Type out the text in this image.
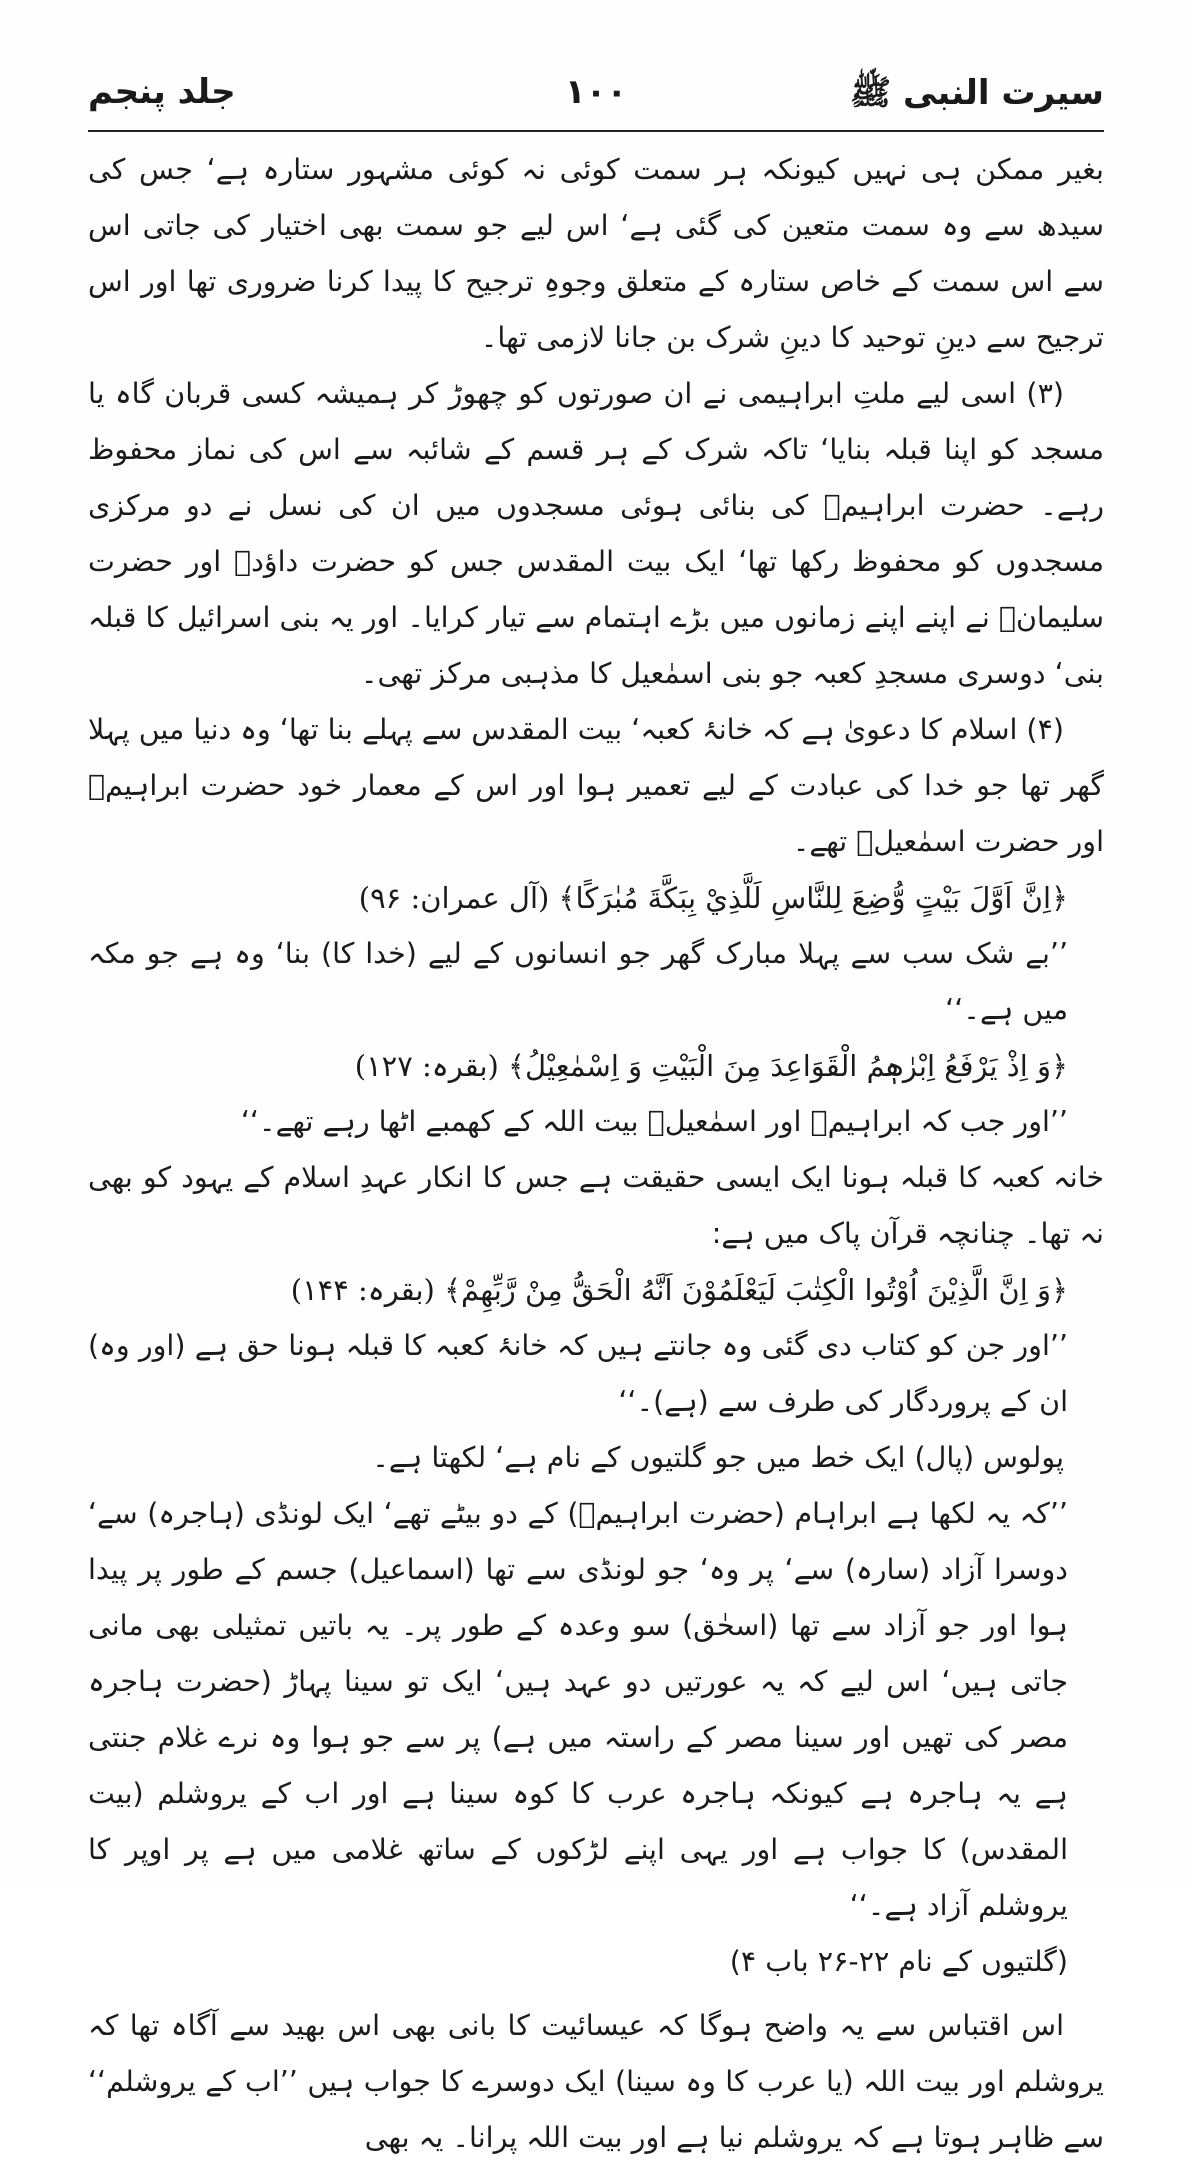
سیرت النبی ﷺ
۱۰۰
جلد پنجم

بغیر ممکن ہی نہیں کیونکہ ہر سمت کوئی نہ کوئی مشہور ستارہ ہے‘ جس کی سیدھ سے وہ سمت متعین کی گئی ہے‘ اس لیے جو سمت بھی اختیار کی جاتی اس سے اس سمت کے خاص ستارہ کے متعلق وجوہِ ترجیح کا پیدا کرنا ضروری تھا اور اس ترجیح سے دینِ توحید کا دینِ شرک بن جانا لازمی تھا۔

(۳) اسی لیے ملتِ ابراہیمی نے ان صورتوں کو چھوڑ کر ہمیشہ کسی قربان گاہ یا مسجد کو اپنا قبلہ بنایا‘ تاکہ شرک کے ہر قسم کے شائبہ سے اس کی نماز محفوظ رہے۔ حضرت ابراہیمؑ کی بنائی ہوئی مسجدوں میں ان کی نسل نے دو مرکزی مسجدوں کو محفوظ رکھا تھا‘ ایک بیت المقدس جس کو حضرت داؤدؑ اور حضرت سلیمانؑ نے اپنے اپنے زمانوں میں بڑے اہتمام سے تیار کرایا۔ اور یہ بنی اسرائیل کا قبلہ بنی‘ دوسری مسجدِ کعبہ جو بنی اسمٰعیل کا مذہبی مرکز تھی۔

(۴) اسلام کا دعویٰ ہے کہ خانۂ کعبہ‘ بیت المقدس سے پہلے بنا تھا‘ وہ دنیا میں پہلا گھر تھا جو خدا کی عبادت کے لیے تعمیر ہوا اور اس کے معمار خود حضرت ابراہیمؑ اور حضرت اسمٰعیلؑ تھے۔

﴿اِنَّ اَوَّلَ بَيْتٍ وُّضِعَ لِلنَّاسِ لَلَّذِيْ بِبَكَّةَ مُبٰرَكًا﴾ (آل عمران: ۹۶)

’’بے شک سب سے پہلا مبارک گھر جو انسانوں کے لیے (خدا کا) بنا‘ وہ ہے جو مکہ میں ہے۔‘‘

﴿وَ اِذْ يَرْفَعُ اِبْرٰهٖمُ الْقَوَاعِدَ مِنَ الْبَيْتِ وَ اِسْمٰعِيْلُ﴾ (بقرہ: ۱۲۷)

’’اور جب کہ ابراہیمؑ اور اسمٰعیلؑ بیت اللہ کے کھمبے اٹھا رہے تھے۔‘‘

خانہ کعبہ کا قبلہ ہونا ایک ایسی حقیقت ہے جس کا انکار عہدِ اسلام کے یہود کو بھی نہ تھا۔ چنانچہ قرآن پاک میں ہے:

﴿وَ اِنَّ الَّذِيْنَ اُوْتُوا الْكِتٰبَ لَيَعْلَمُوْنَ اَنَّهُ الْحَقُّ مِنْ رَّبِّهِمْ﴾ (بقرہ: ۱۴۴)

’’اور جن کو کتاب دی گئی وہ جانتے ہیں کہ خانۂ کعبہ کا قبلہ ہونا حق ہے (اور وہ) ان کے پروردگار کی طرف سے (ہے)۔‘‘

پولوس (پال) ایک خط میں جو گلتیوں کے نام ہے‘ لکھتا ہے۔

’’کہ یہ لکھا ہے ابراہام (حضرت ابراہیمؑ) کے دو بیٹے تھے‘ ایک لونڈی (ہاجرہ) سے‘ دوسرا آزاد (سارہ) سے‘ پر وہ‘ جو لونڈی سے تھا (اسماعیل) جسم کے طور پر پیدا ہوا اور جو آزاد سے تھا (اسحٰق) سو وعدہ کے طور پر۔ یہ باتیں تمثیلی بھی مانی جاتی ہیں‘ اس لیے کہ یہ عورتیں دو عہد ہیں‘ ایک تو سینا پہاڑ (حضرت ہاجرہ مصر کی تھیں اور سینا مصر کے راستہ میں ہے) پر سے جو ہوا وہ نرے غلام جنتی ہے یہ ہاجرہ ہے کیونکہ ہاجرہ عرب کا کوہ سینا ہے اور اب کے یروشلم (بیت المقدس) کا جواب ہے اور یہی اپنے لڑکوں کے ساتھ غلامی میں ہے پر اوپر کا یروشلم آزاد ہے۔‘‘

(گلتیوں کے نام ۲۲-۲۶ باب ۴)

اس اقتباس سے یہ واضح ہوگا کہ عیسائیت کا بانی بھی اس بھید سے آگاہ تھا کہ یروشلم اور بیت اللہ (یا عرب کا وہ سینا) ایک دوسرے کا جواب ہیں ’’اب کے یروشلم‘‘ سے ظاہر ہوتا ہے کہ یروشلم نیا ہے اور بیت اللہ پرانا۔ یہ بھی
